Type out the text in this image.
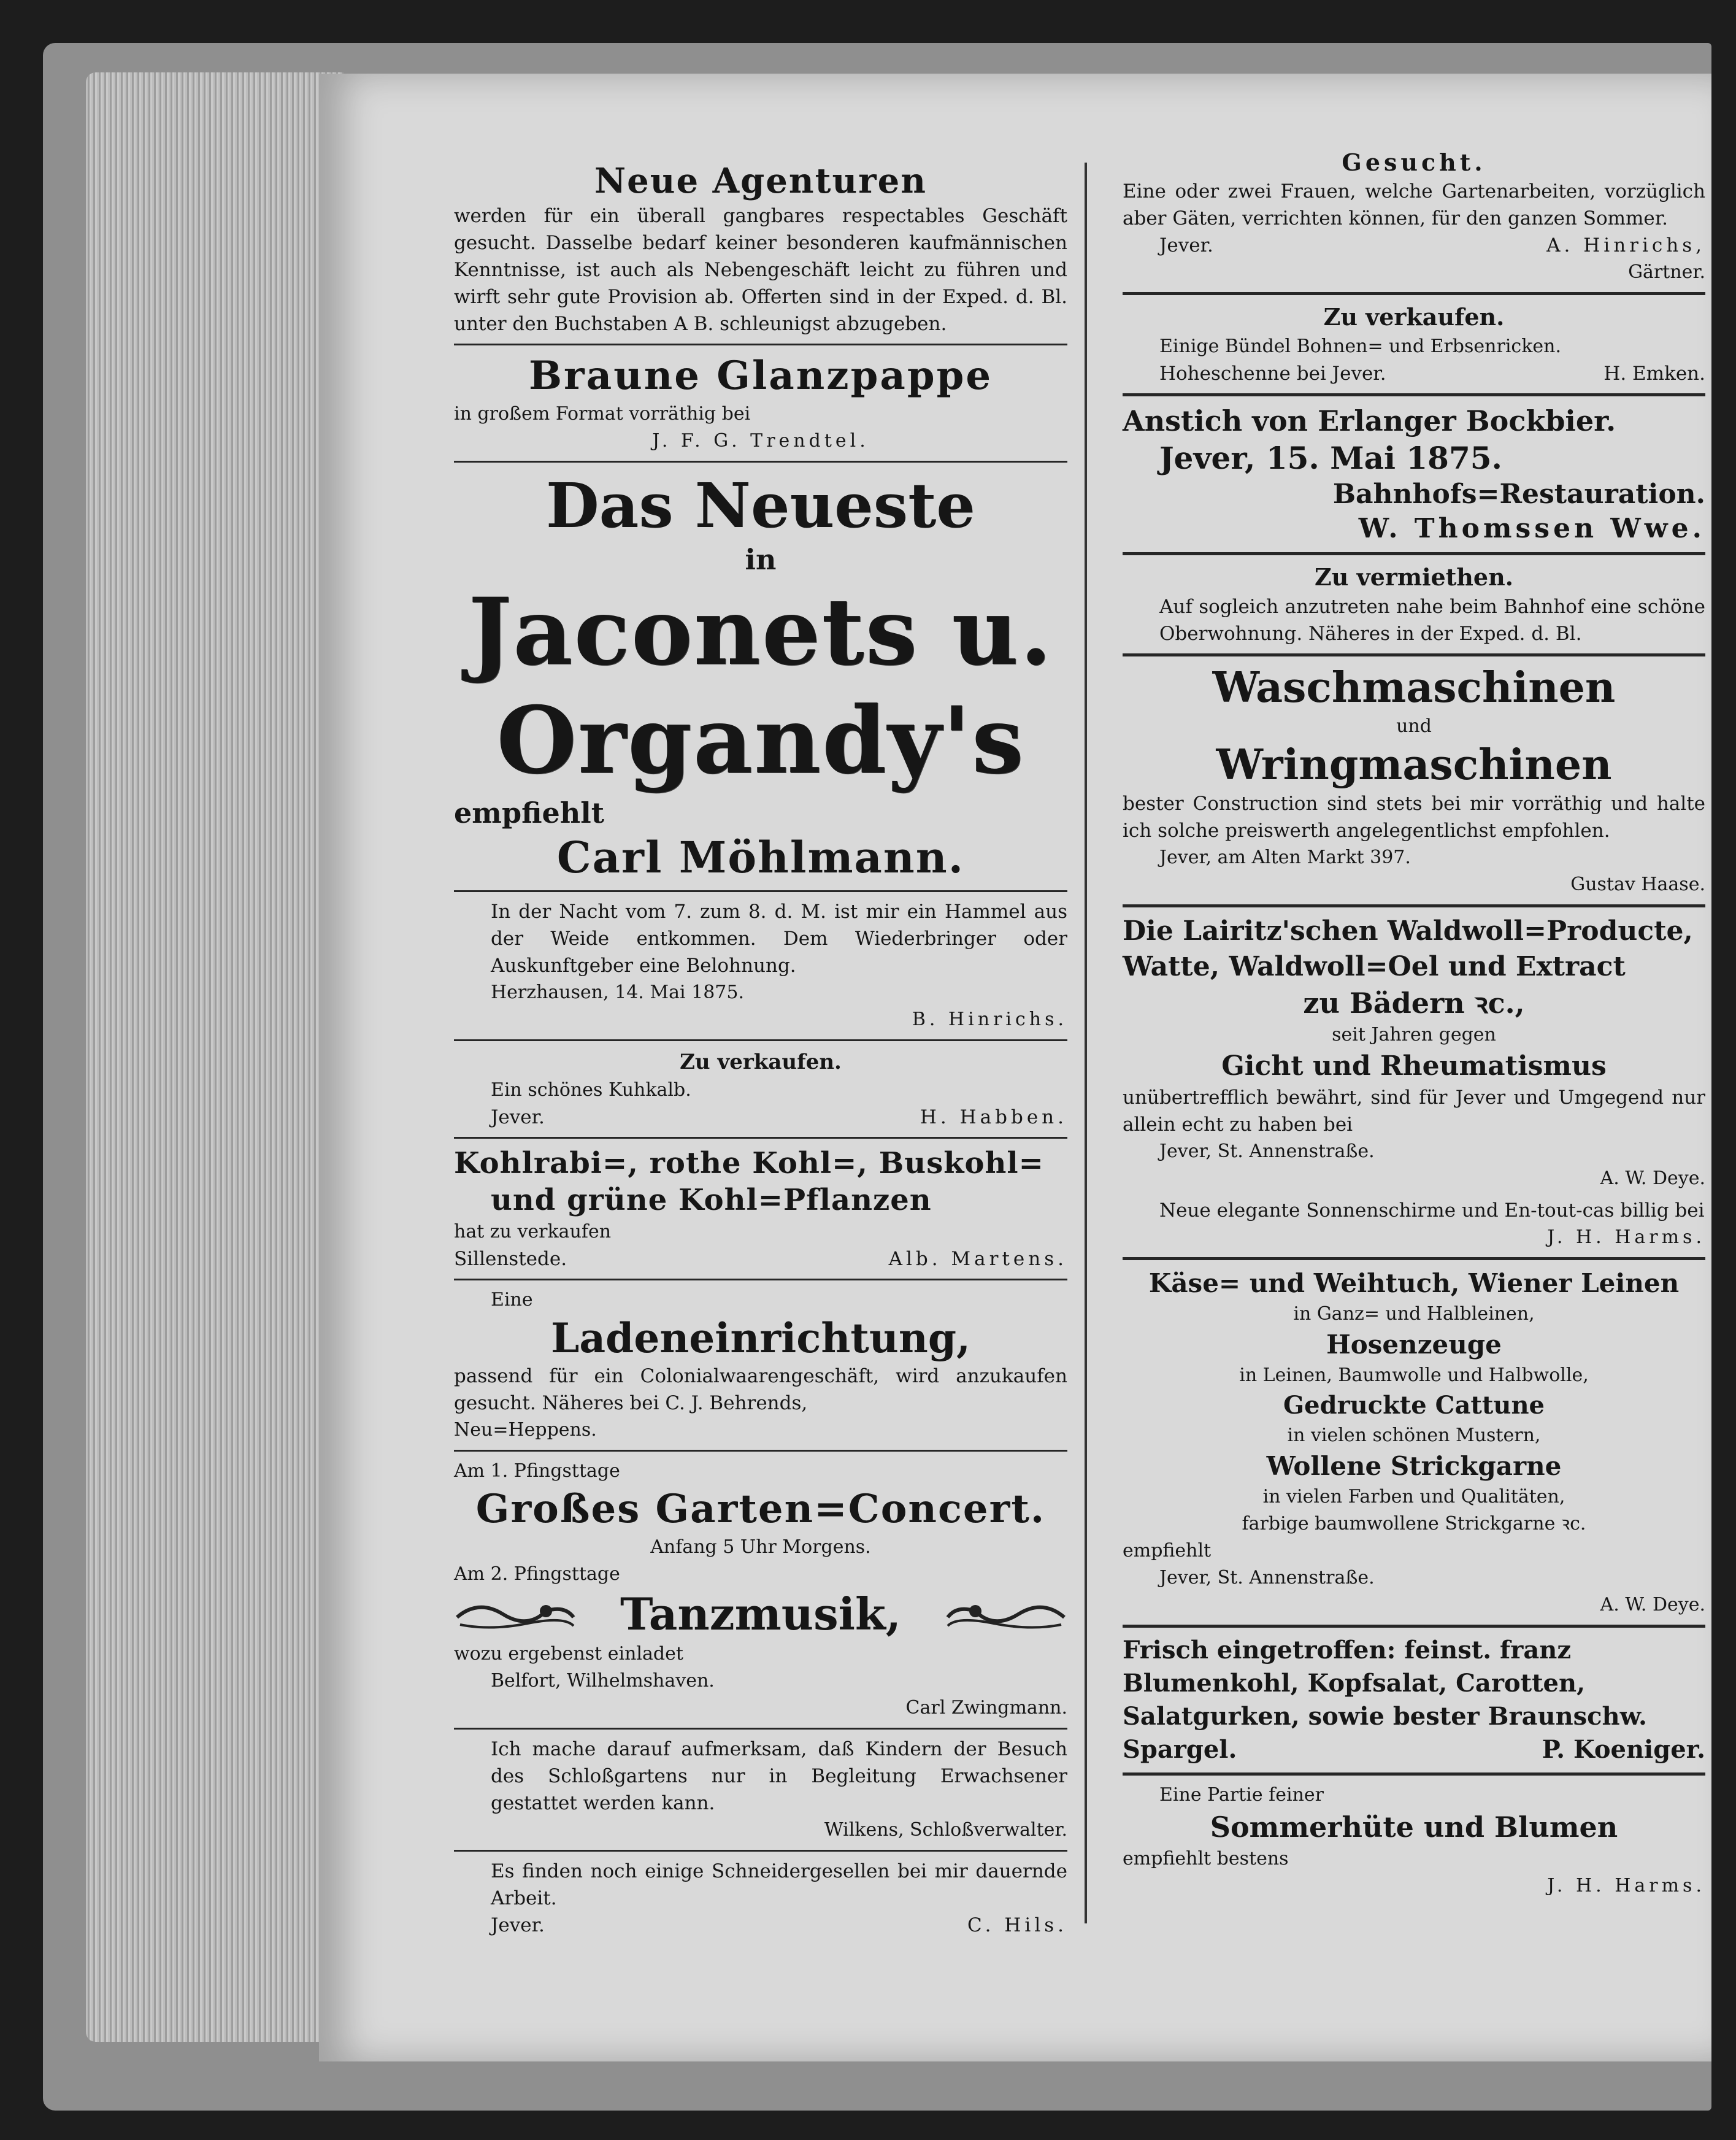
Neue Agenturen
werden für ein überall gangbares respectables Geschäft gesucht. Dasselbe bedarf keiner besonderen kaufmännischen Kenntnisse, ist auch als Nebengeschäft leicht zu führen und wirft sehr gute Provision ab. Offerten sind in der Exped. d. Bl. unter den Buchstaben A B. schleunigst abzugeben.
Braune Glanzpappe
in großem Format vorräthig bei
J. F. G. Trendtel.
Das Neueste
in
Jaconets u.
Organdy's
empfiehlt
Carl Möhlmann.
In der Nacht vom 7. zum 8. d. M. ist mir ein Hammel aus der Weide entkommen. Dem Wiederbringer oder Auskunftgeber eine Belohnung.
Herzhausen, 14. Mai 1875.
B. Hinrichs.
Zu verkaufen.
Ein schönes Kuhkalb.
Jever.	H. Habben.
Kohlrabi=, rothe Kohl=, Buskohl=
und grüne Kohl=Pflanzen
hat zu verkaufen
Sillenstede.	Alb. Martens.
Eine
Ladeneinrichtung,
passend für ein Colonialwaarengeschäft, wird anzukaufen gesucht. Näheres bei C. J. Behrends,
Neu=Heppens.
Am 1. Pfingsttage
Großes Garten=Concert.
Anfang 5 Uhr Morgens.
Am 2. Pfingsttage
Tanzmusik,
wozu ergebenst einladet
Belfort, Wilhelmshaven.
Carl Zwingmann.
Ich mache darauf aufmerksam, daß Kindern der Besuch des Schloßgartens nur in Begleitung Erwachsener gestattet werden kann.
Wilkens, Schloßverwalter.
Es finden noch einige Schneidergesellen bei mir dauernde Arbeit.
Jever.	C. Hils.
Gesucht.
Eine oder zwei Frauen, welche Gartenarbeiten, vorzüglich aber Gäten, verrichten können, für den ganzen Sommer.
Jever.	A. Hinrichs,
Gärtner.
Zu verkaufen.
Einige Bündel Bohnen= und Erbsenricken.
Hoheschenne bei Jever.	H. Emken.
Anstich von Erlanger Bockbier.
Jever, 15. Mai 1875.
Bahnhofs=Restauration.
W. Thomssen Wwe.
Zu vermiethen.
Auf sogleich anzutreten nahe beim Bahnhof eine schöne Oberwohnung. Näheres in der Exped. d. Bl.
Waschmaschinen
und
Wringmaschinen
bester Construction sind stets bei mir vorräthig und halte ich solche preiswerth angelegentlichst empfohlen.
Jever, am Alten Markt 397.
Gustav Haase.
Die Lairitz'schen Waldwoll=Producte,
Watte, Waldwoll=Oel und Extract
zu Bädern ꝛc.,
seit Jahren gegen
Gicht und Rheumatismus
unübertrefflich bewährt, sind für Jever und Umgegend nur allein echt zu haben bei
Jever, St. Annenstraße.
A. W. Deye.
Neue elegante Sonnenschirme und En-tout-cas billig bei
J. H. Harms.
Käse= und Weihtuch, Wiener Leinen
in Ganz= und Halbleinen,
Hosenzeuge
in Leinen, Baumwolle und Halbwolle,
Gedruckte Cattune
in vielen schönen Mustern,
Wollene Strickgarne
in vielen Farben und Qualitäten,
farbige baumwollene Strickgarne ꝛc.
empfiehlt
Jever, St. Annenstraße.
A. W. Deye.
Frisch eingetroffen: feinst. franz
Blumenkohl, Kopfsalat, Carotten,
Salatgurken, sowie bester Braunschw.
Spargel.	P. Koeniger.
Eine Partie feiner
Sommerhüte und Blumen
empfiehlt bestens
J. H. Harms.
